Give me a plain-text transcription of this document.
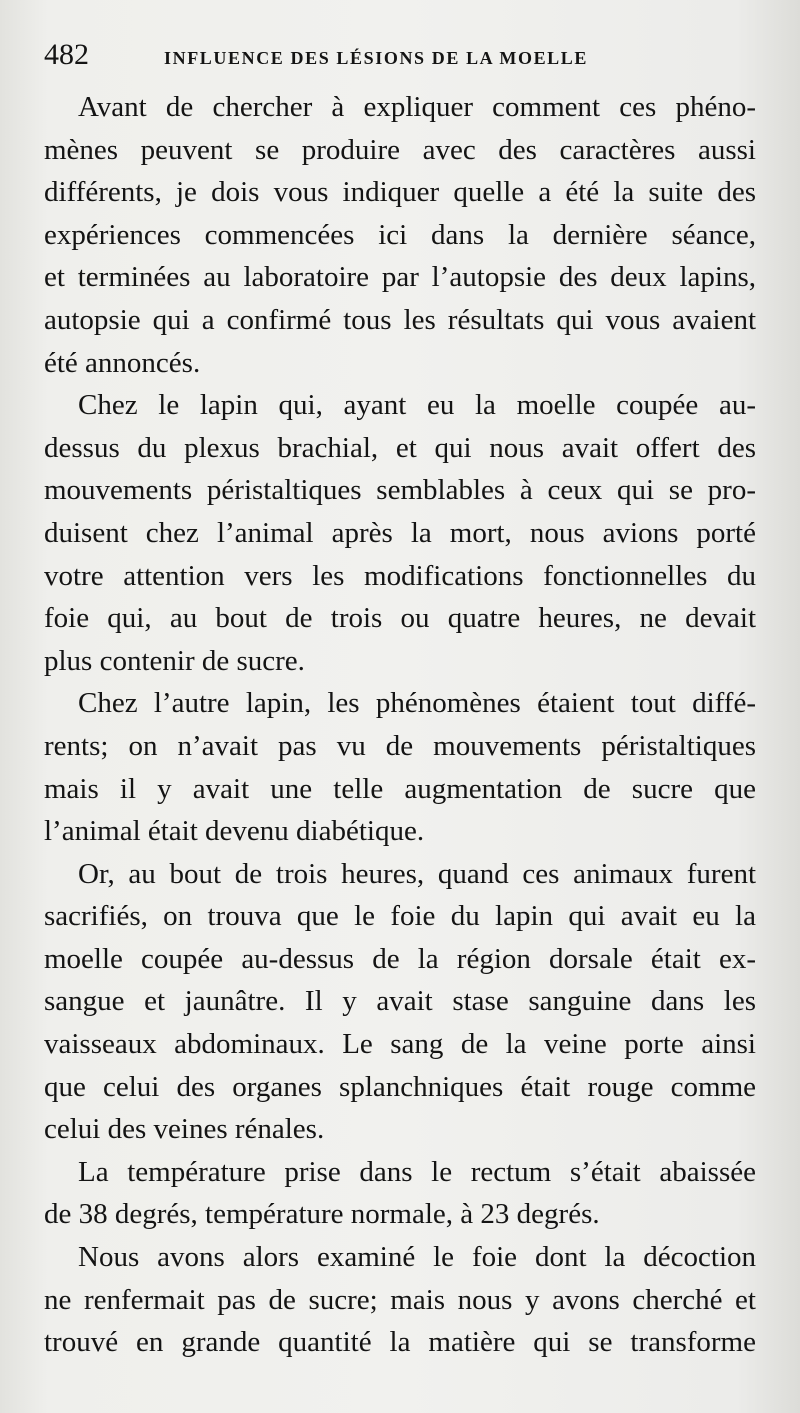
482	INFLUENCE DES LÉSIONS DE LA MOELLE
Avant de chercher à expliquer comment ces phéno-
mènes peuvent se produire avec des caractères aussi
différents, je dois vous indiquer quelle a été la suite des
expériences commencées ici dans la dernière séance,
et terminées au laboratoire par l’autopsie des deux lapins,
autopsie qui a confirmé tous les résultats qui vous avaient
été annoncés.
Chez le lapin qui, ayant eu la moelle coupée au-
dessus du plexus brachial, et qui nous avait offert des
mouvements péristaltiques semblables à ceux qui se pro-
duisent chez l’animal après la mort, nous avions porté
votre attention vers les modifications fonctionnelles du
foie qui, au bout de trois ou quatre heures, ne devait
plus contenir de sucre.
Chez l’autre lapin, les phénomènes étaient tout diffé-
rents; on n’avait pas vu de mouvements péristaltiques
mais il y avait une telle augmentation de sucre que
l’animal était devenu diabétique.
Or, au bout de trois heures, quand ces animaux furent
sacrifiés, on trouva que le foie du lapin qui avait eu la
moelle coupée au-dessus de la région dorsale était ex-
sangue et jaunâtre. Il y avait stase sanguine dans les
vaisseaux abdominaux. Le sang de la veine porte ainsi
que celui des organes splanchniques était rouge comme
celui des veines rénales.
La température prise dans le rectum s’était abaissée
de 38 degrés, température normale, à 23 degrés.
Nous avons alors examiné le foie dont la décoction
ne renfermait pas de sucre; mais nous y avons cherché et
trouvé en grande quantité la matière qui se transforme
